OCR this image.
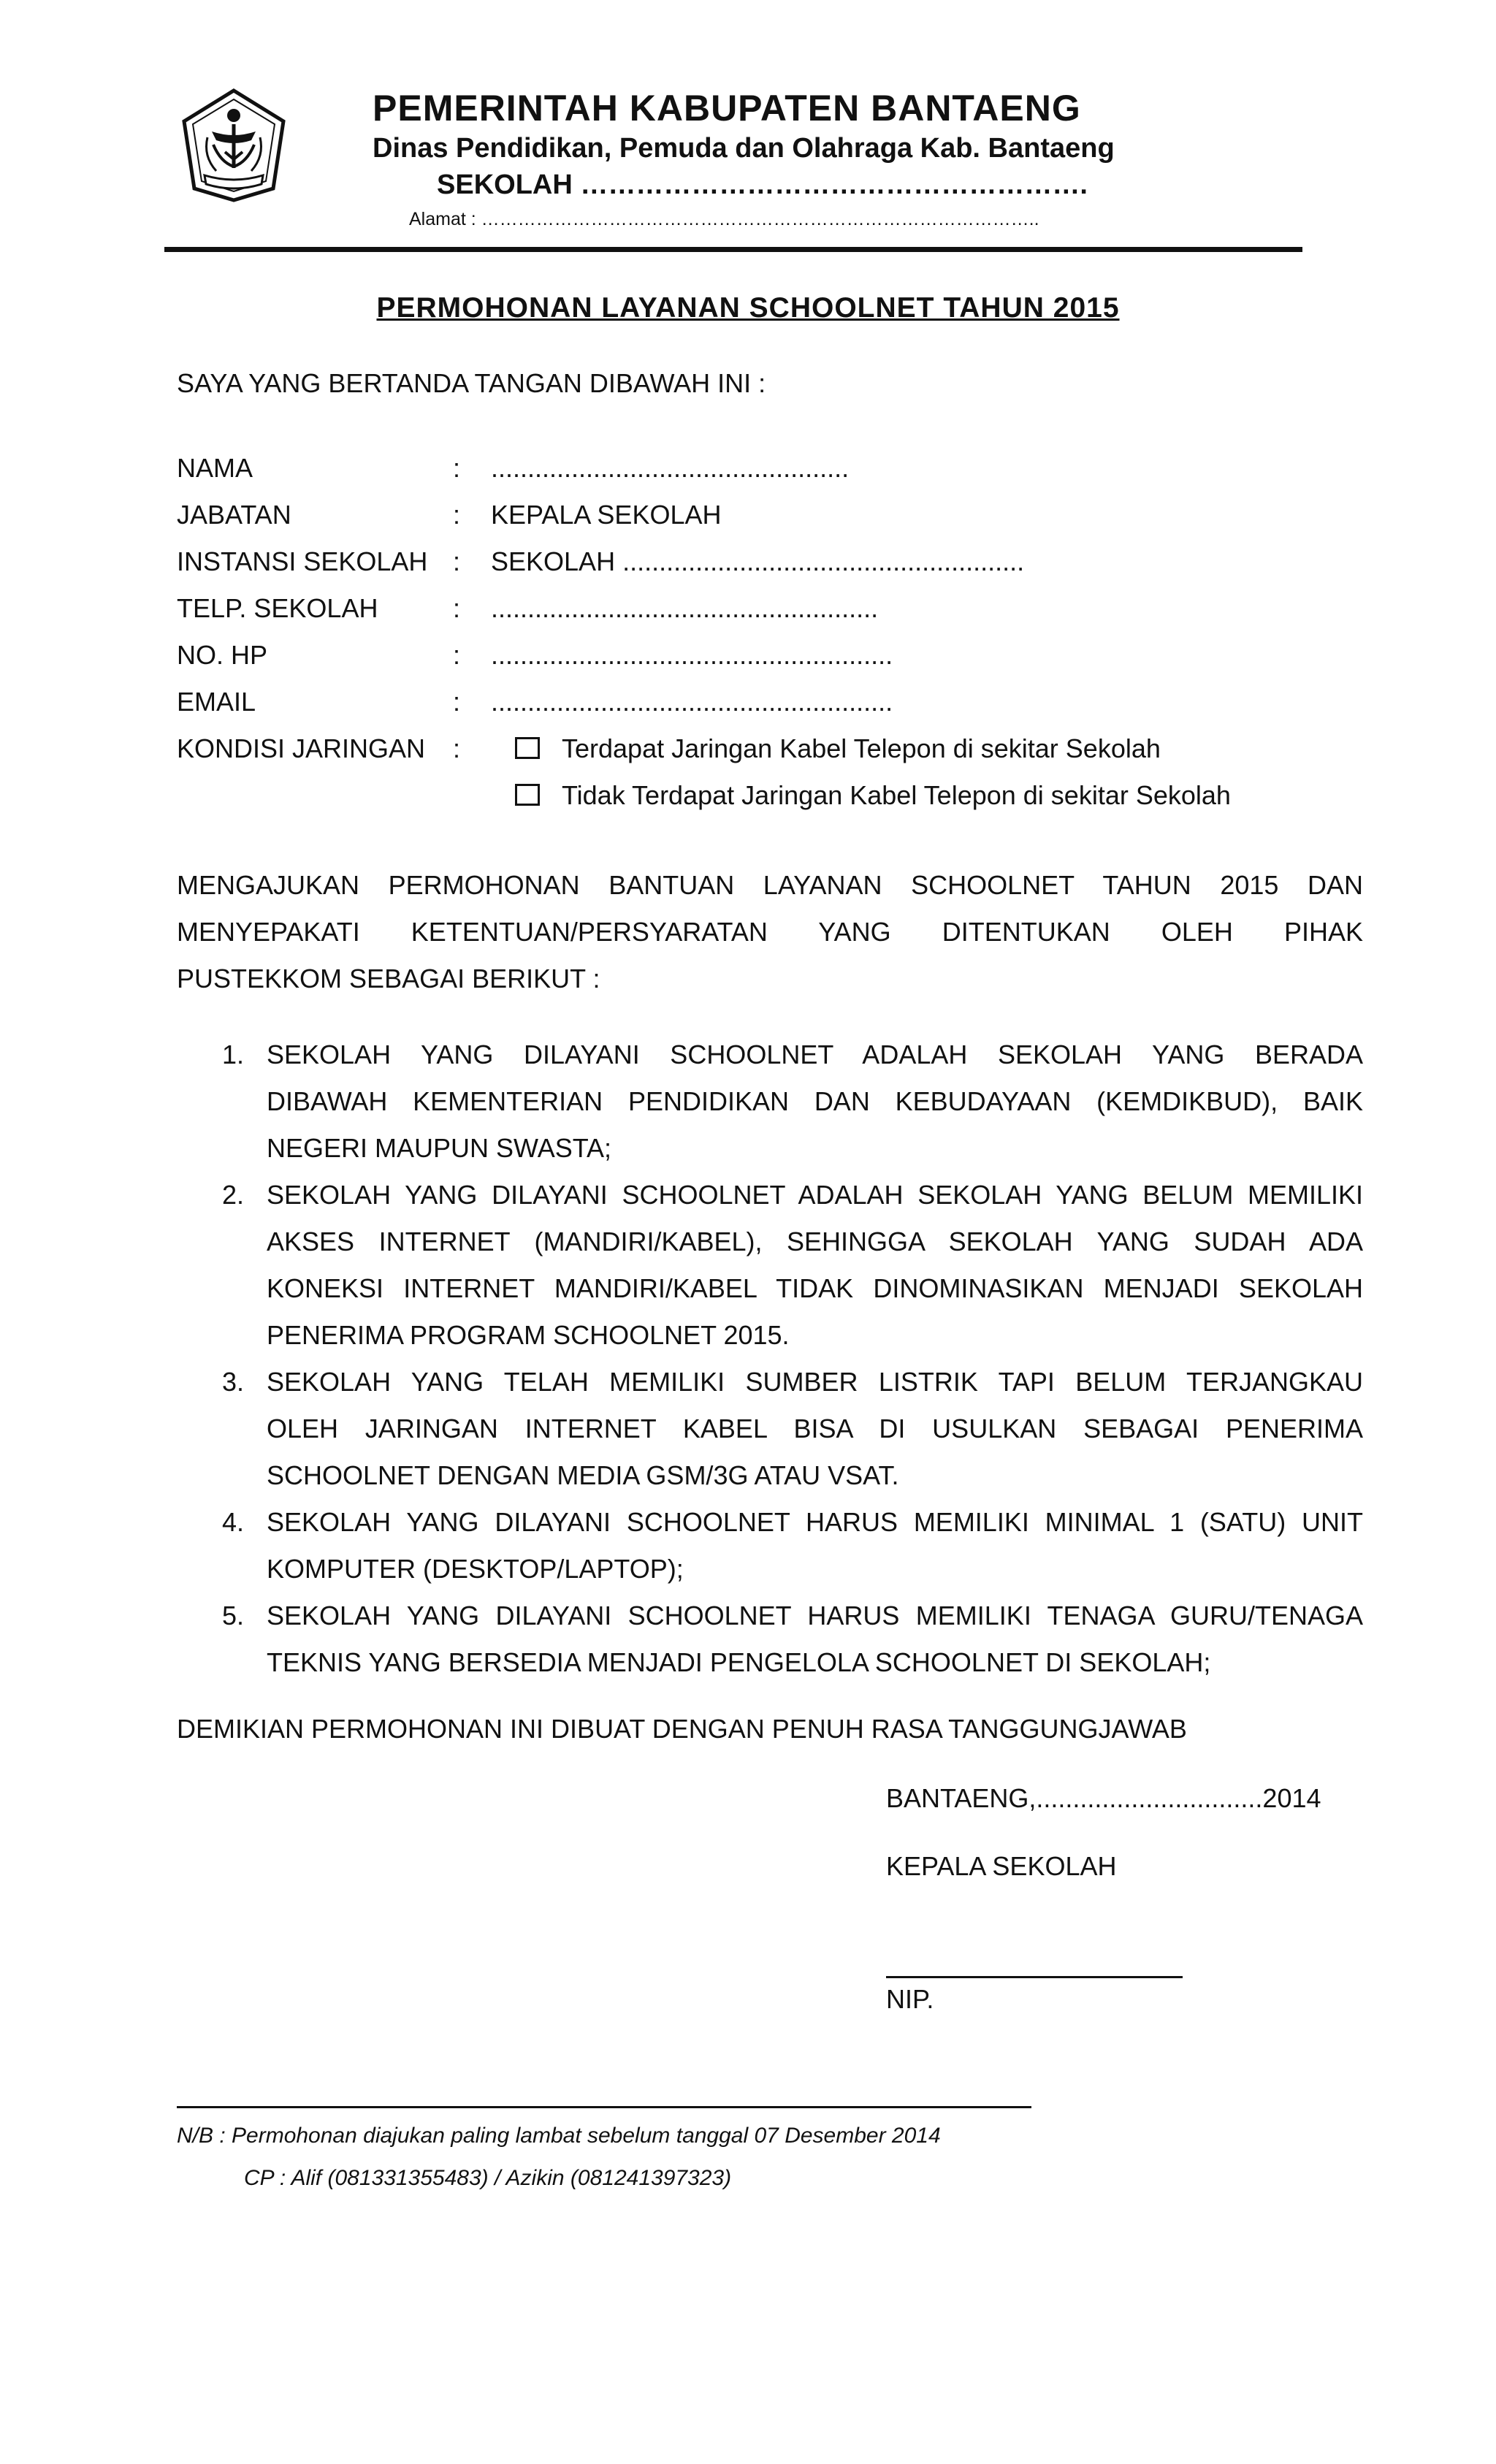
PEMERINTAH KABUPATEN BANTAENG
Dinas Pendidikan, Pemuda dan Olahraga Kab. Bantaeng
SEKOLAH ……………………………………………….
Alamat : ………………………………………………………………………………..
PERMOHONAN LAYANAN SCHOOLNET TAHUN 2015
SAYA YANG BERTANDA TANGAN DIBAWAH INI :
NAMA	: .................................................
JABATAN	: KEPALA SEKOLAH
INSTANSI SEKOLAH : SEKOLAH .......................................................
TELP. SEKOLAH	: .....................................................
NO. HP	: .......................................................
EMAIL	: .......................................................
KONDISI JARINGAN :	Terdapat Jaringan Kabel Telepon di sekitar Sekolah
Tidak Terdapat Jaringan Kabel Telepon di sekitar Sekolah
MENGAJUKAN PERMOHONAN BANTUAN LAYANAN SCHOOLNET TAHUN 2015 DAN
MENYEPAKATI KETENTUAN/PERSYARATAN YANG DITENTUKAN OLEH PIHAK
PUSTEKKOM SEBAGAI BERIKUT :
1. SEKOLAH YANG DILAYANI SCHOOLNET ADALAH SEKOLAH YANG BERADA
DIBAWAH KEMENTERIAN PENDIDIKAN DAN KEBUDAYAAN (KEMDIKBUD), BAIK
NEGERI MAUPUN SWASTA;
2. SEKOLAH YANG DILAYANI SCHOOLNET ADALAH SEKOLAH YANG BELUM MEMILIKI
AKSES INTERNET (MANDIRI/KABEL), SEHINGGA SEKOLAH YANG SUDAH ADA
KONEKSI INTERNET MANDIRI/KABEL TIDAK DINOMINASIKAN MENJADI SEKOLAH
PENERIMA PROGRAM SCHOOLNET 2015.
3. SEKOLAH YANG TELAH MEMILIKI SUMBER LISTRIK TAPI BELUM TERJANGKAU
OLEH JARINGAN INTERNET KABEL BISA DI USULKAN SEBAGAI PENERIMA
SCHOOLNET DENGAN MEDIA GSM/3G ATAU VSAT.
4. SEKOLAH YANG DILAYANI SCHOOLNET HARUS MEMILIKI MINIMAL 1 (SATU) UNIT
KOMPUTER (DESKTOP/LAPTOP);
5. SEKOLAH YANG DILAYANI SCHOOLNET HARUS MEMILIKI TENAGA GURU/TENAGA
TEKNIS YANG BERSEDIA MENJADI PENGELOLA SCHOOLNET DI SEKOLAH;
DEMIKIAN PERMOHONAN INI DIBUAT DENGAN PENUH RASA TANGGUNGJAWAB
BANTAENG,...............................2014
KEPALA SEKOLAH
NIP.
N/B : Permohonan diajukan paling lambat sebelum tanggal 07 Desember 2014
CP : Alif (081331355483) / Azikin (081241397323)
